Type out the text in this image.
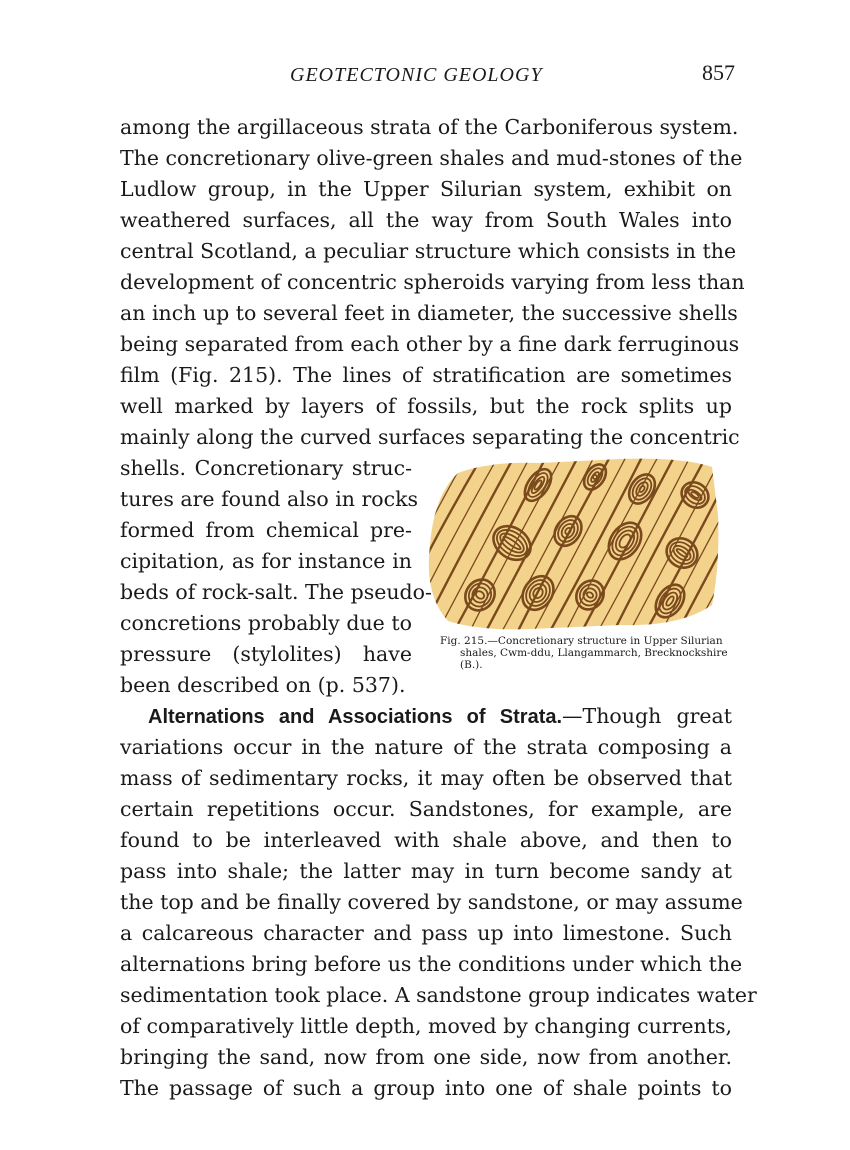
GEOTECTONIC GEOLOGY	857
among the argillaceous strata of the Carboniferous system.
The concretionary olive-green shales and mud-stones of the
Ludlow group, in the Upper Silurian system, exhibit on
weathered surfaces, all the way from South Wales into
central Scotland, a peculiar structure which consists in the
development of concentric spheroids varying from less than
an inch up to several feet in diameter, the successive shells
being separated from each other by a fine dark ferruginous
film (Fig. 215). The lines of stratification are sometimes
well marked by layers of fossils, but the rock splits up
mainly along the curved surfaces separating the concentric
shells. Concretionary struc-
tures are found also in rocks
formed from chemical pre-
cipitation, as for instance in
beds of rock-salt. The pseudo-
concretions probably due to
pressure (stylolites) have
been described on (p. 537).
Fig. 215.—Concretionary structure in Upper Silurian shales, Cwm-ddu, Llangammarch, Brecknockshire (B.).
Alternations and Associations of Strata.—Though great
variations occur in the nature of the strata composing a
mass of sedimentary rocks, it may often be observed that
certain repetitions occur. Sandstones, for example, are
found to be interleaved with shale above, and then to
pass into shale; the latter may in turn become sandy at
the top and be finally covered by sandstone, or may assume
a calcareous character and pass up into limestone. Such
alternations bring before us the conditions under which the
sedimentation took place. A sandstone group indicates water
of comparatively little depth, moved by changing currents,
bringing the sand, now from one side, now from another.
The passage of such a group into one of shale points to
